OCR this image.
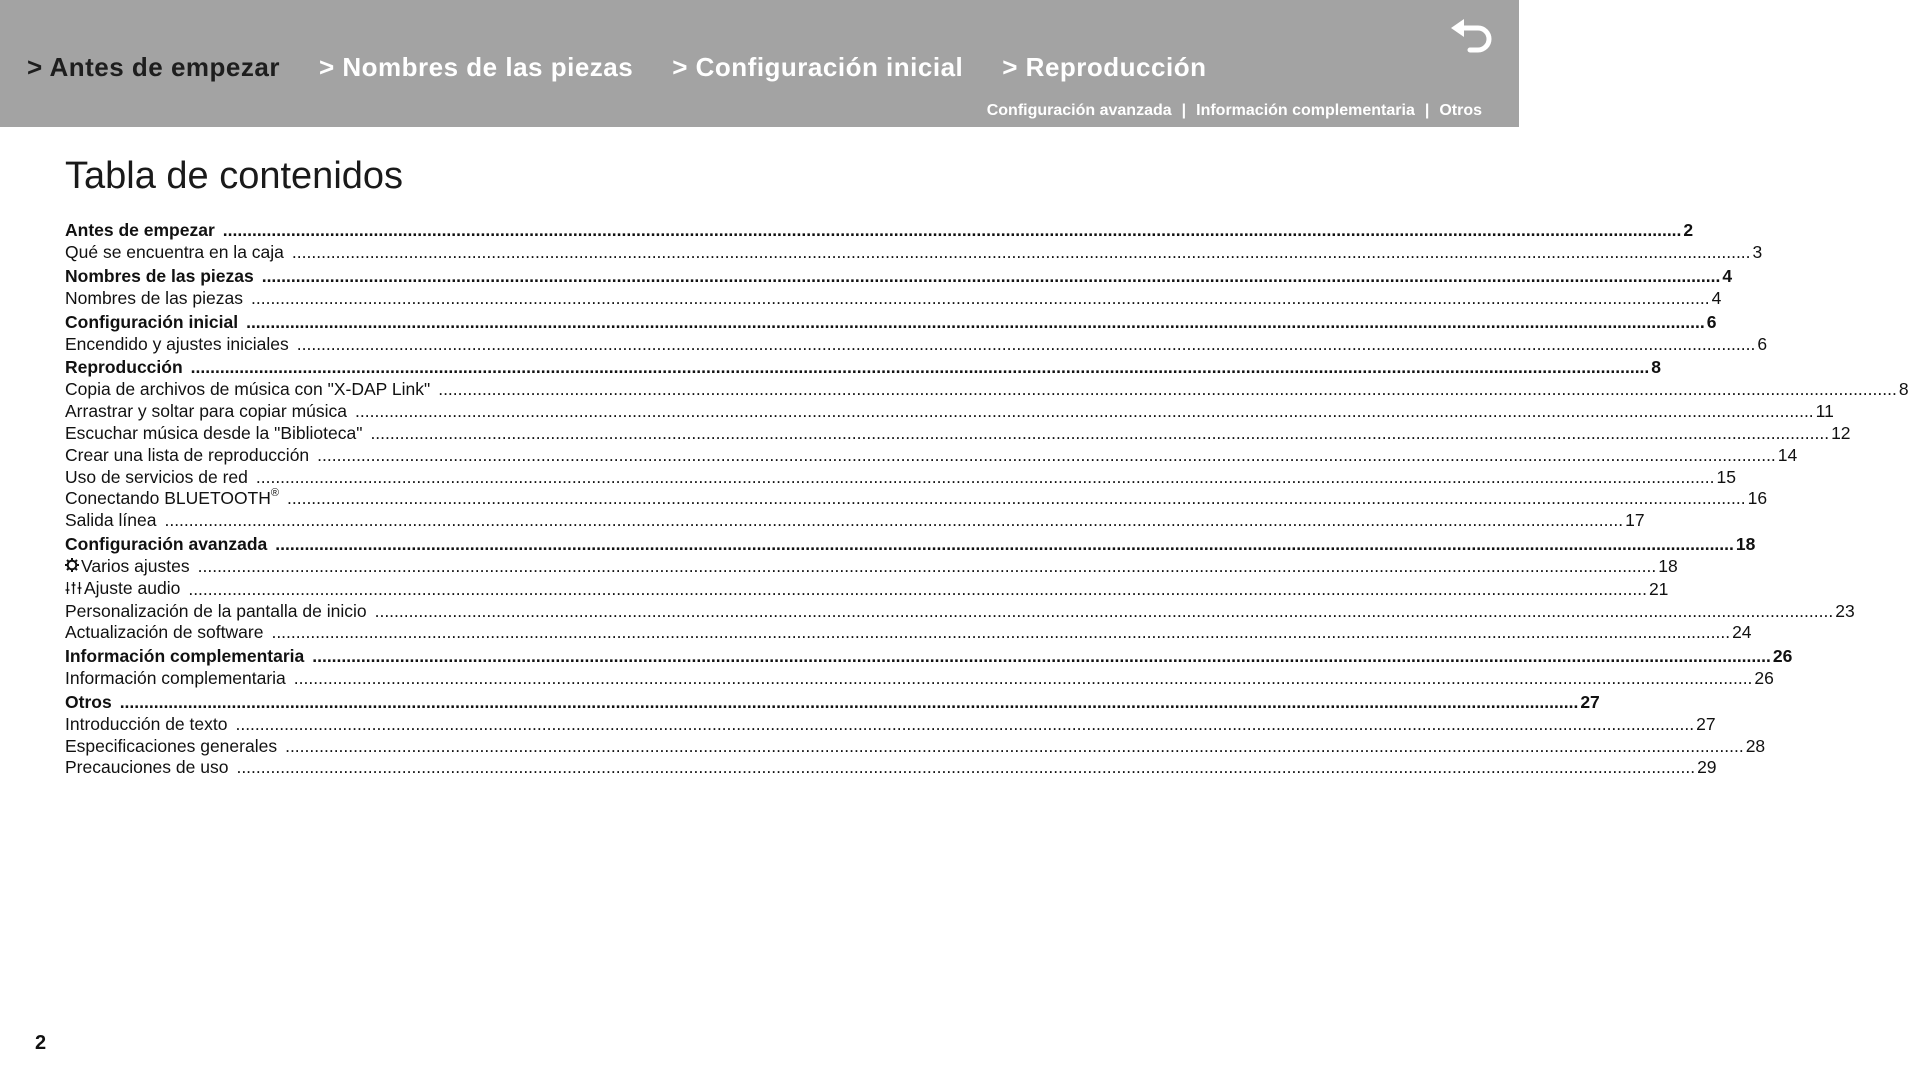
> Antes de empezar > Nombres de las piezas > Configuración inicial > Reproducción
Configuración avanzada | Información complementaria | Otros
Tabla de contenidos
Antes de empezar ............................................................................................................................................................................................................................................................................................................ 2
Qué se encuentra en la caja ............................................................................................................................................................................................................................................................................................................ 3
Nombres de las piezas ............................................................................................................................................................................................................................................................................................................ 4
Nombres de las piezas ............................................................................................................................................................................................................................................................................................................ 4
Configuración inicial ............................................................................................................................................................................................................................................................................................................ 6
Encendido y ajustes iniciales ............................................................................................................................................................................................................................................................................................................ 6
Reproducción ............................................................................................................................................................................................................................................................................................................ 8
Copia de archivos de música con "X-DAP Link" ............................................................................................................................................................................................................................................................................................................ 8
Arrastrar y soltar para copiar música ............................................................................................................................................................................................................................................................................................................ 11
Escuchar música desde la "Biblioteca" ............................................................................................................................................................................................................................................................................................................ 12
Crear una lista de reproducción ............................................................................................................................................................................................................................................................................................................ 14
Uso de servicios de red ............................................................................................................................................................................................................................................................................................................ 15
Conectando BLUETOOTH® ............................................................................................................................................................................................................................................................................................................ 16
Salida línea ............................................................................................................................................................................................................................................................................................................ 17
Configuración avanzada ............................................................................................................................................................................................................................................................................................................ 18
Varios ajustes ............................................................................................................................................................................................................................................................................................................ 18
Ajuste audio ............................................................................................................................................................................................................................................................................................................ 21
Personalización de la pantalla de inicio ............................................................................................................................................................................................................................................................................................................ 23
Actualización de software ............................................................................................................................................................................................................................................................................................................ 24
Información complementaria ............................................................................................................................................................................................................................................................................................................ 26
Información complementaria ............................................................................................................................................................................................................................................................................................................ 26
Otros ............................................................................................................................................................................................................................................................................................................ 27
Introducción de texto ............................................................................................................................................................................................................................................................................................................ 27
Especificaciones generales ............................................................................................................................................................................................................................................................................................................ 28
Precauciones de uso ............................................................................................................................................................................................................................................................................................................ 29
2
